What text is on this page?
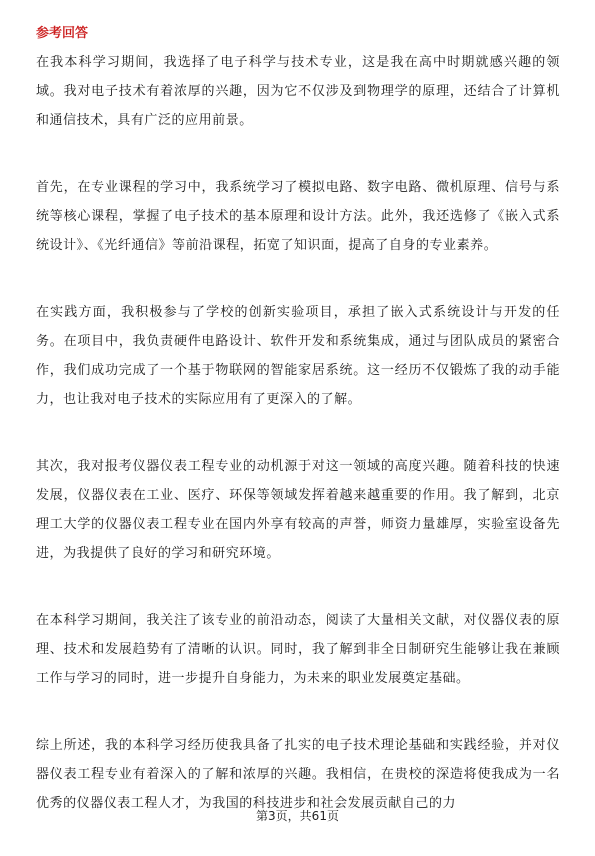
参考回答

在我本科学习期间，我选择了电子科学与技术专业，这是我在高中时期就感兴趣的领域。我对电子技术有着浓厚的兴趣，因为它不仅涉及到物理学的原理，还结合了计算机和通信技术，具有广泛的应用前景。

首先，在专业课程的学习中，我系统学习了模拟电路、数字电路、微机原理、信号与系统等核心课程，掌握了电子技术的基本原理和设计方法。此外，我还选修了《嵌入式系统设计》、《光纤通信》等前沿课程，拓宽了知识面，提高了自身的专业素养。

在实践方面，我积极参与了学校的创新实验项目，承担了嵌入式系统设计与开发的任务。在项目中，我负责硬件电路设计、软件开发和系统集成，通过与团队成员的紧密合作，我们成功完成了一个基于物联网的智能家居系统。这一经历不仅锻炼了我的动手能力，也让我对电子技术的实际应用有了更深入的了解。

其次，我对报考仪器仪表工程专业的动机源于对这一领域的高度兴趣。随着科技的快速发展，仪器仪表在工业、医疗、环保等领域发挥着越来越重要的作用。我了解到，北京理工大学的仪器仪表工程专业在国内外享有较高的声誉，师资力量雄厚，实验室设备先进，为我提供了良好的学习和研究环境。

在本科学习期间，我关注了该专业的前沿动态，阅读了大量相关文献，对仪器仪表的原理、技术和发展趋势有了清晰的认识。同时，我了解到非全日制研究生能够让我在兼顾工作与学习的同时，进一步提升自身能力，为未来的职业发展奠定基础。

综上所述，我的本科学习经历使我具备了扎实的电子技术理论基础和实践经验，并对仪器仪表工程专业有着深入的了解和浓厚的兴趣。我相信，在贵校的深造将使我成为一名优秀的仪器仪表工程人才，为我国的科技进步和社会发展贡献自己的力

第3页，共61页
